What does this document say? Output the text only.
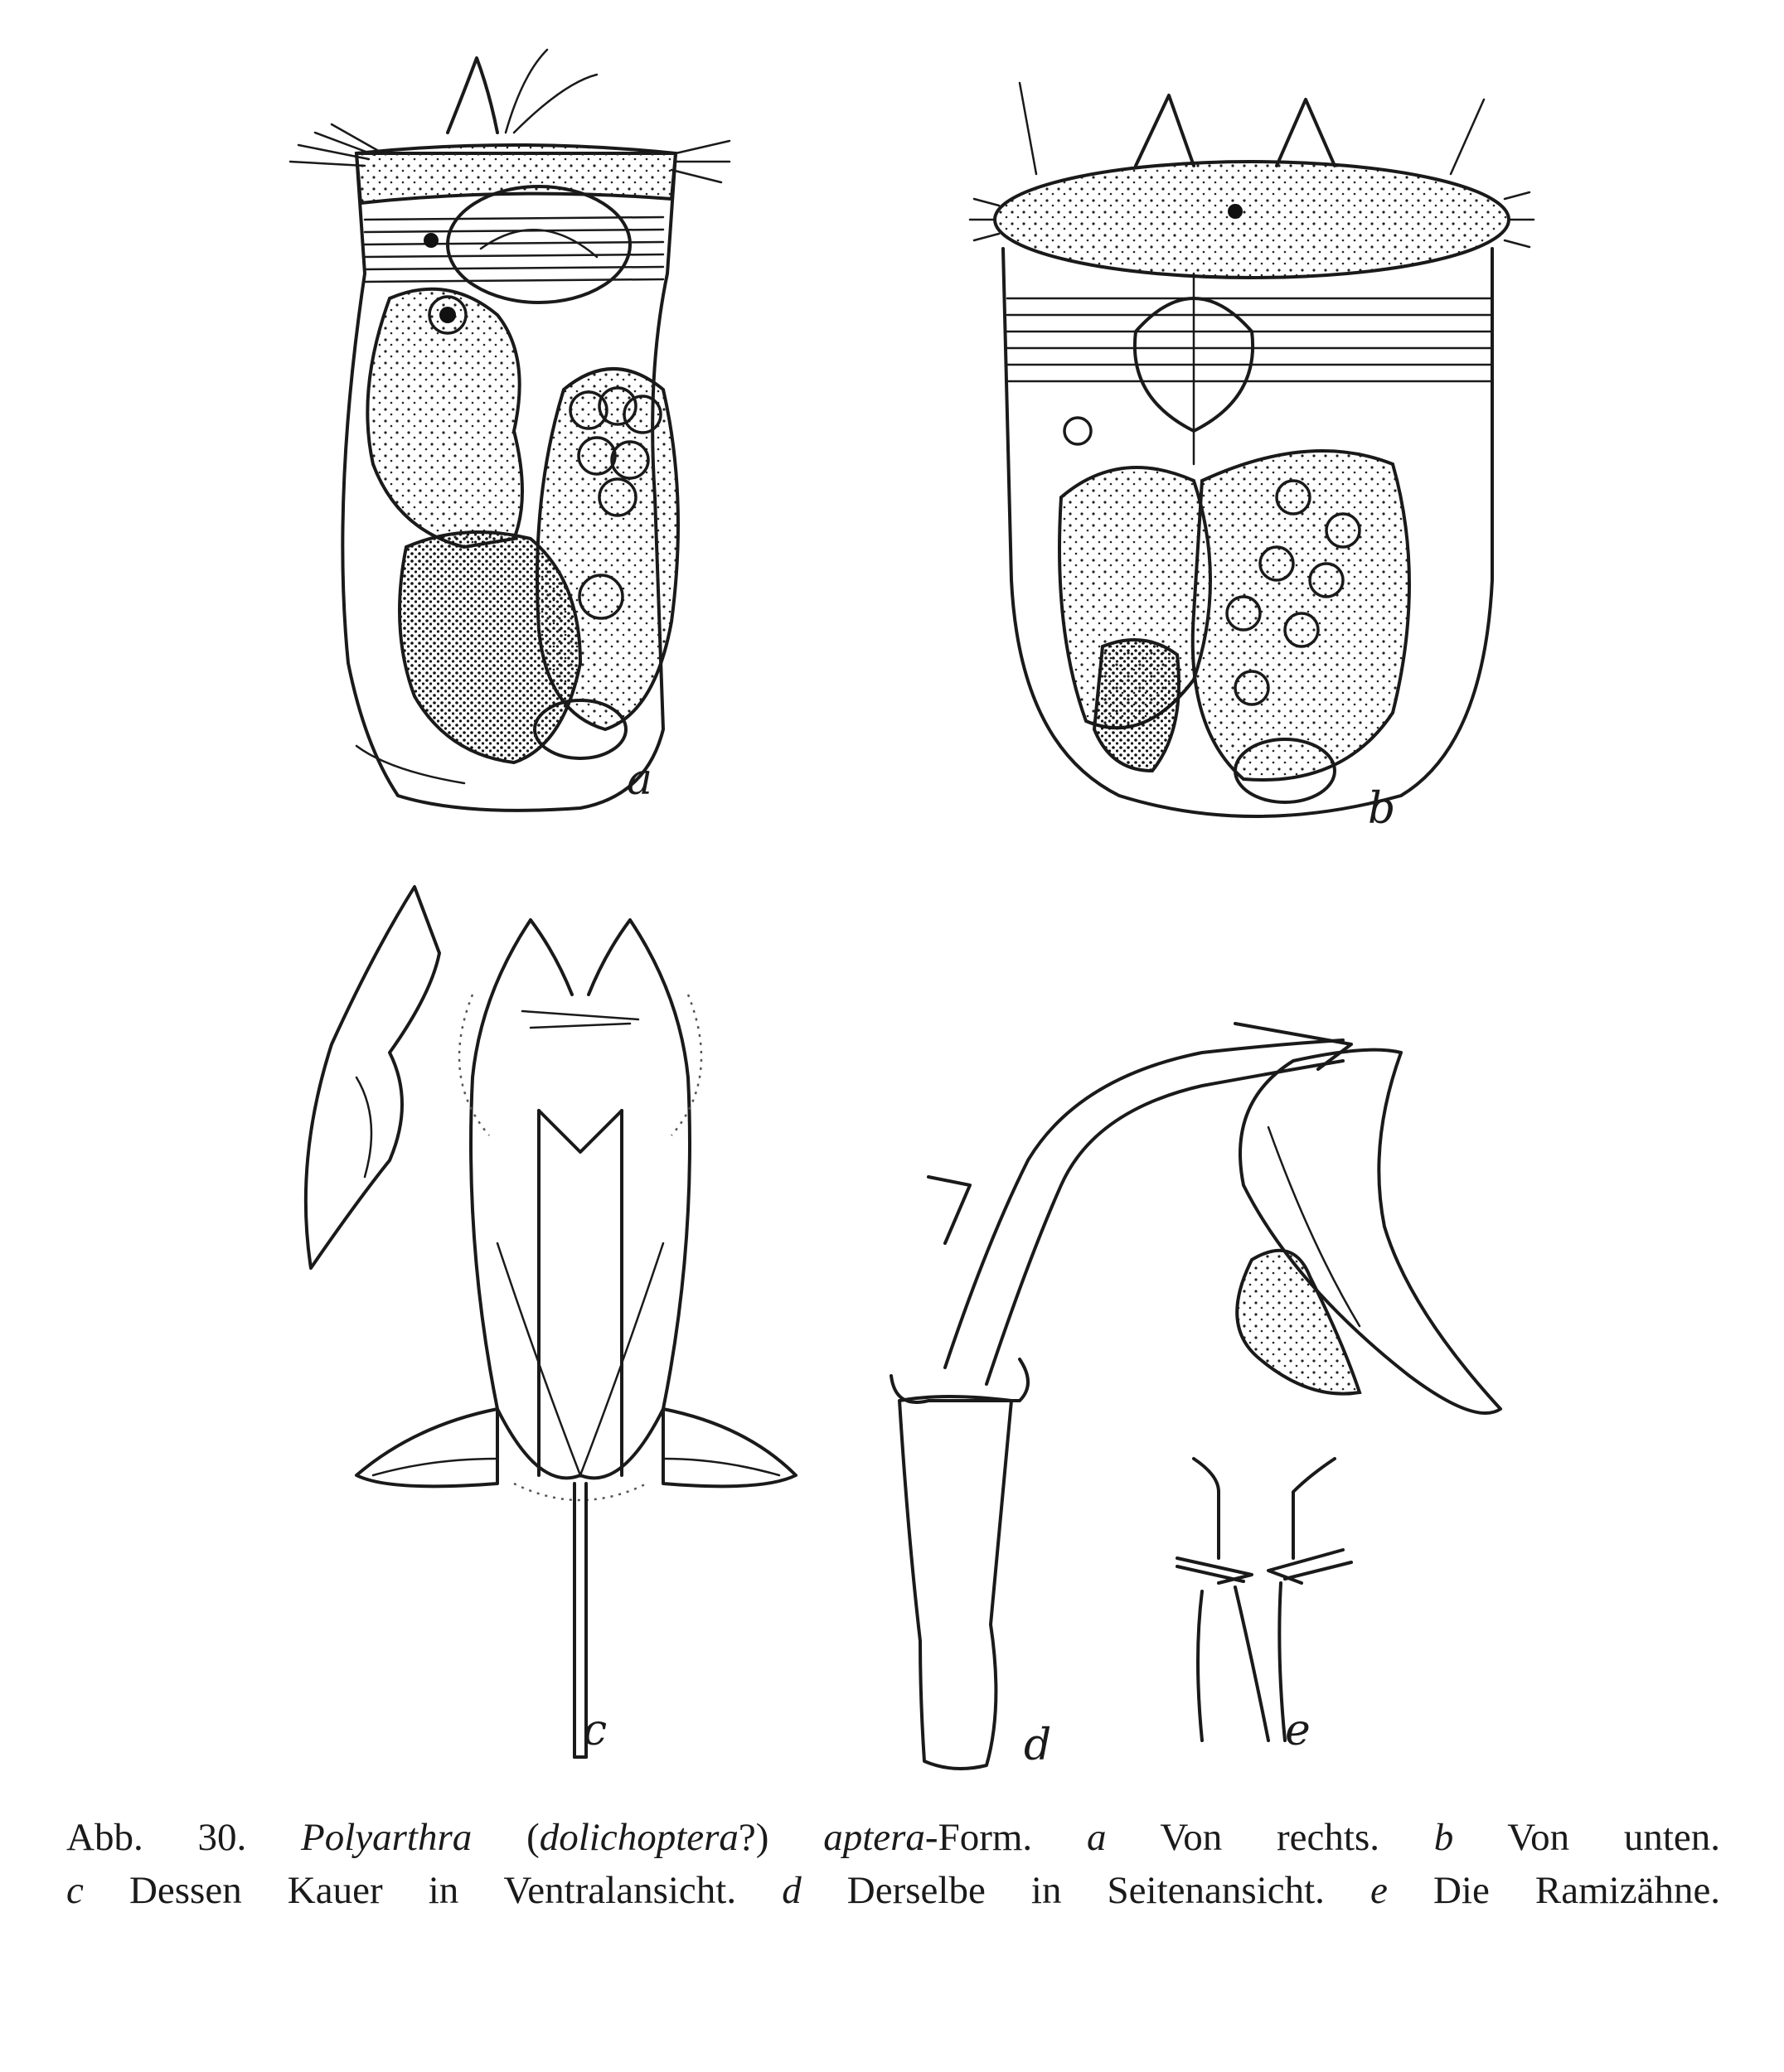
a
b
c	d	e

Abb. 30. Polyarthra (dolichoptera?) aptera-Form. a Von rechts. b Von unten.

c Dessen Kauer in Ventralansicht. d Derselbe in Seitenansicht. e Die Ramizähne.
